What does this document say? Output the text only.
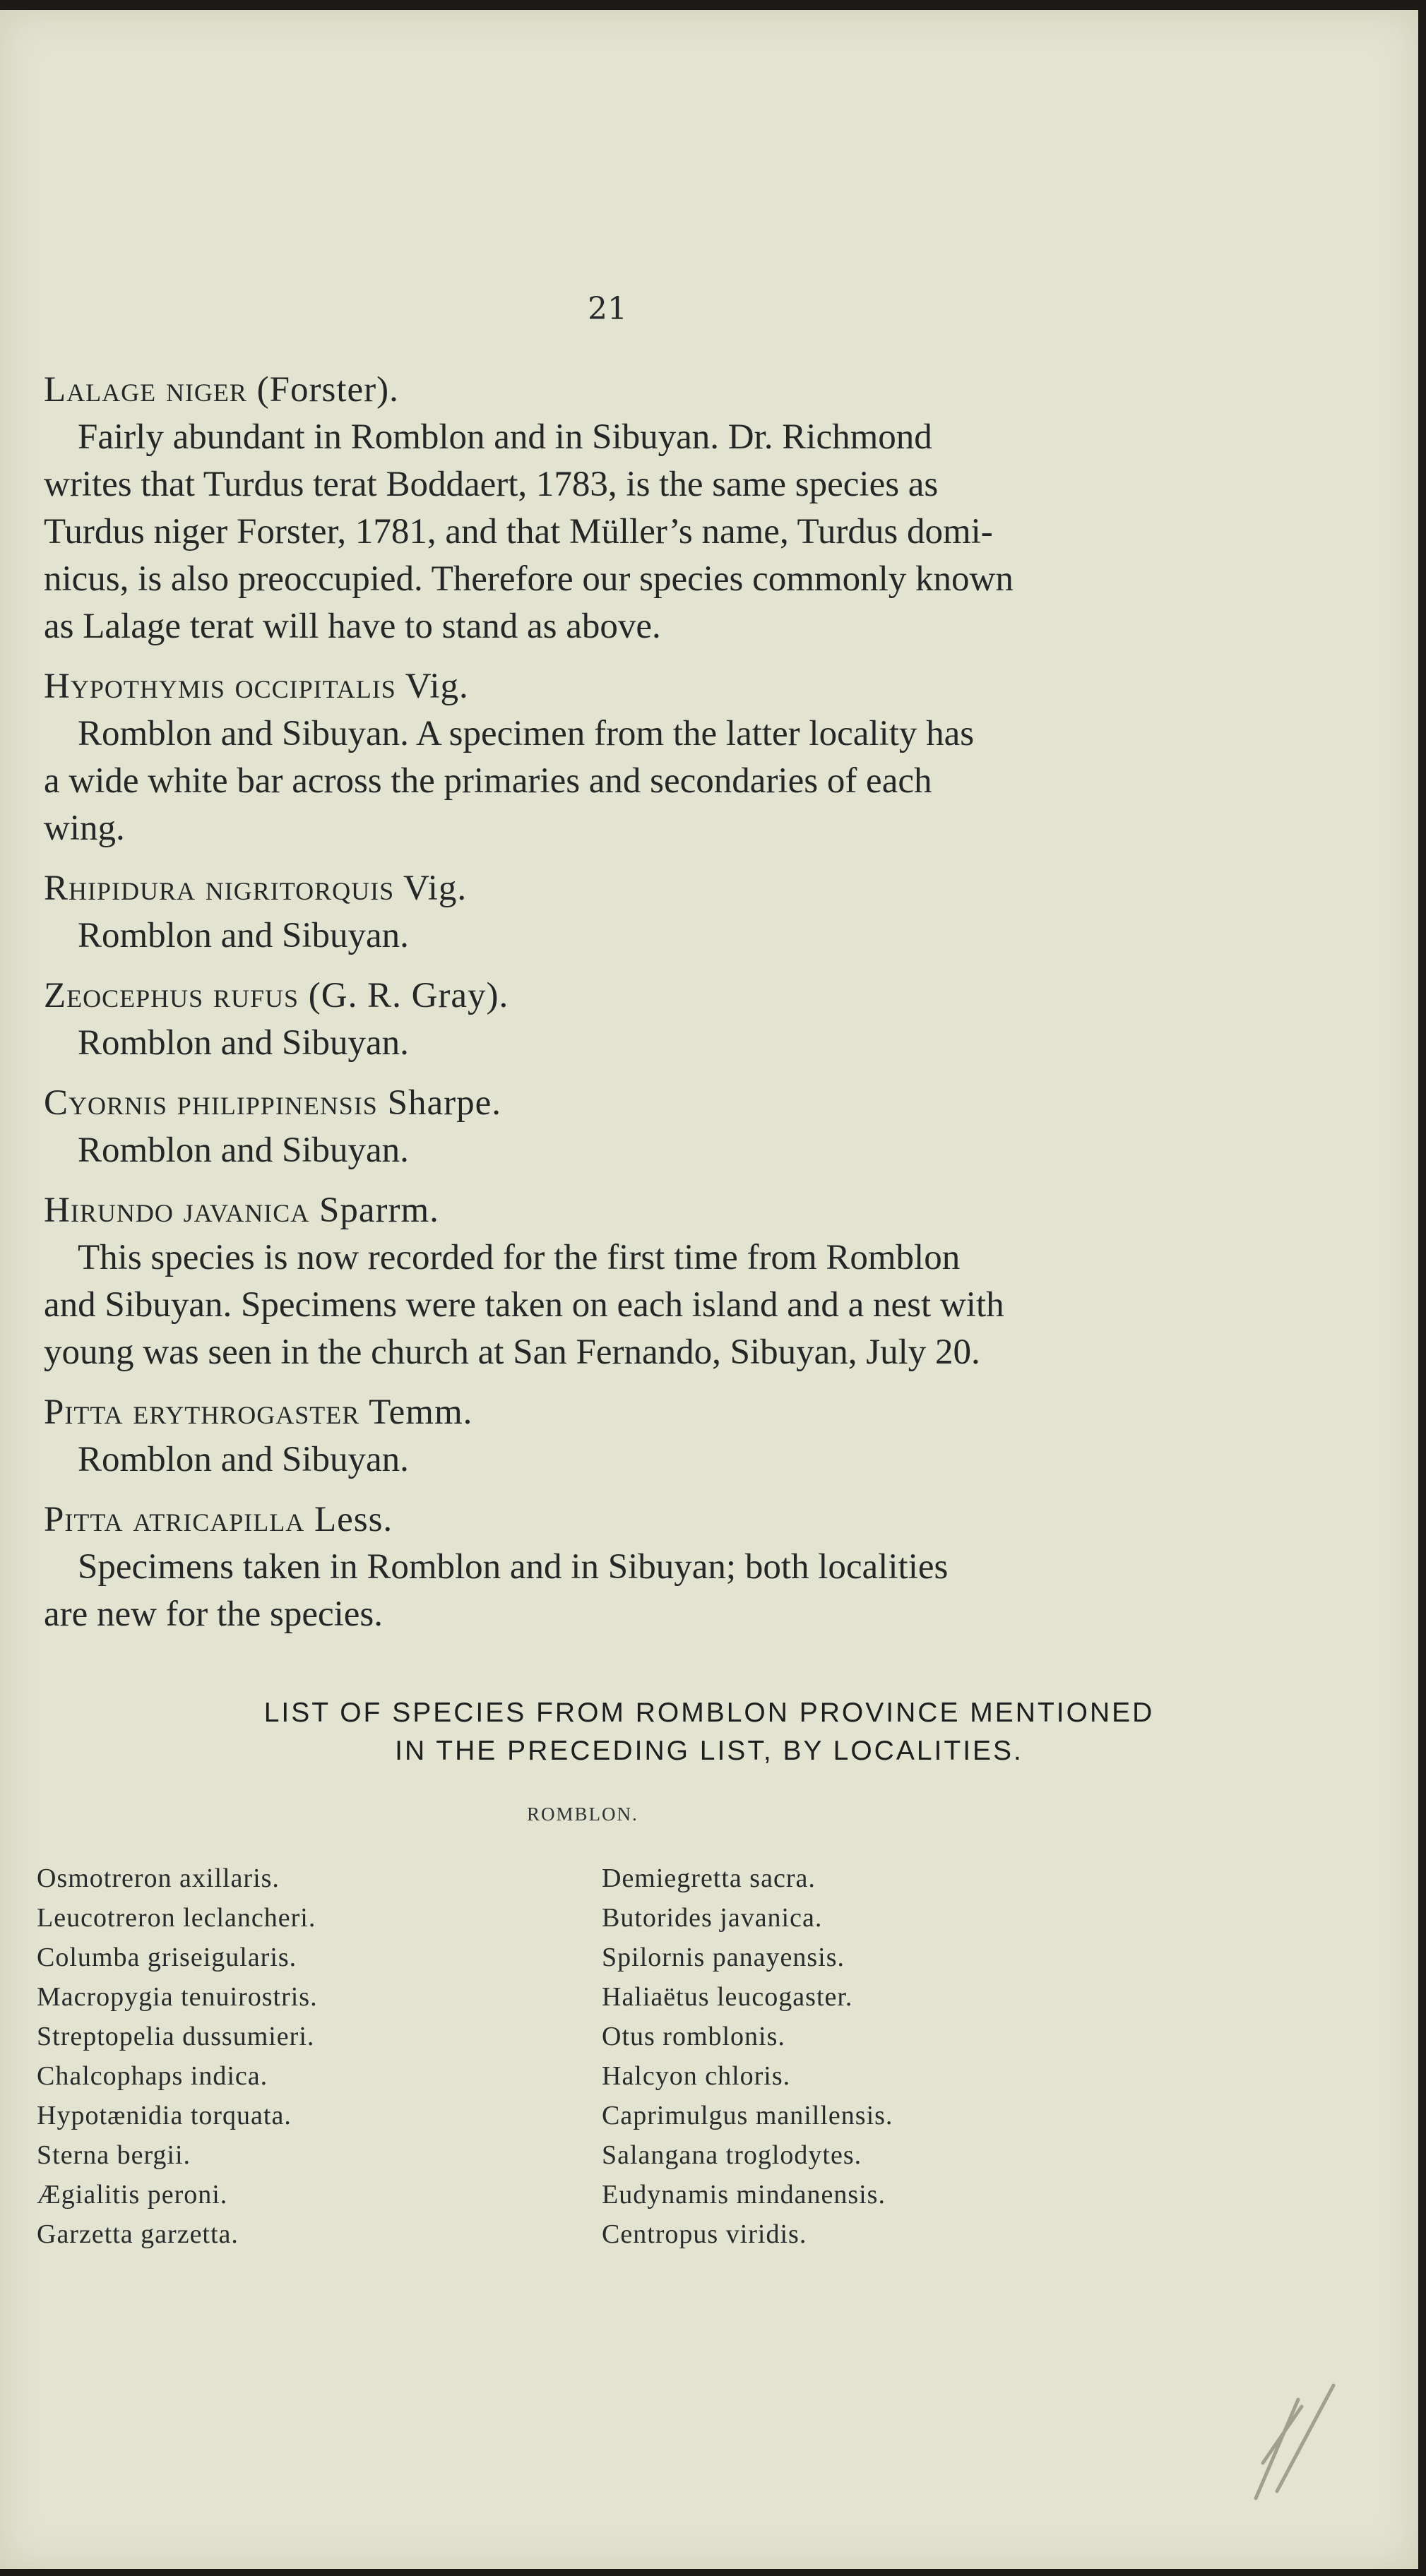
21
Lalage niger (Forster).
Fairly abundant in Romblon and in Sibuyan. Dr. Richmond
writes that Turdus terat Boddaert, 1783, is the same species as
Turdus niger Forster, 1781, and that Müller’s name, Turdus domi-
nicus, is also preoccupied. Therefore our species commonly known
as Lalage terat will have to stand as above.
Hypothymis occipitalis Vig.
Romblon and Sibuyan. A specimen from the latter locality has
a wide white bar across the primaries and secondaries of each
wing.
Rhipidura nigritorquis Vig.
Romblon and Sibuyan.
Zeocephus rufus (G. R. Gray).
Romblon and Sibuyan.
Cyornis philippinensis Sharpe.
Romblon and Sibuyan.
Hirundo javanica Sparrm.
This species is now recorded for the first time from Romblon
and Sibuyan. Specimens were taken on each island and a nest with
young was seen in the church at San Fernando, Sibuyan, July 20.
Pitta erythrogaster Temm.
Romblon and Sibuyan.
Pitta atricapilla Less.
Specimens taken in Romblon and in Sibuyan; both localities
are new for the species.
LIST OF SPECIES FROM ROMBLON PROVINCE MENTIONED
IN THE PRECEDING LIST, BY LOCALITIES.
ROMBLON.
Osmotreron axillaris.
Leucotreron leclancheri.
Columba griseigularis.
Macropygia tenuirostris.
Streptopelia dussumieri.
Chalcophaps indica.
Hypotænidia torquata.
Sterna bergii.
Ægialitis peroni.
Garzetta garzetta.
Demiegretta sacra.
Butorides javanica.
Spilornis panayensis.
Haliaëtus leucogaster.
Otus romblonis.
Halcyon chloris.
Caprimulgus manillensis.
Salangana troglodytes.
Eudynamis mindanensis.
Centropus viridis.
